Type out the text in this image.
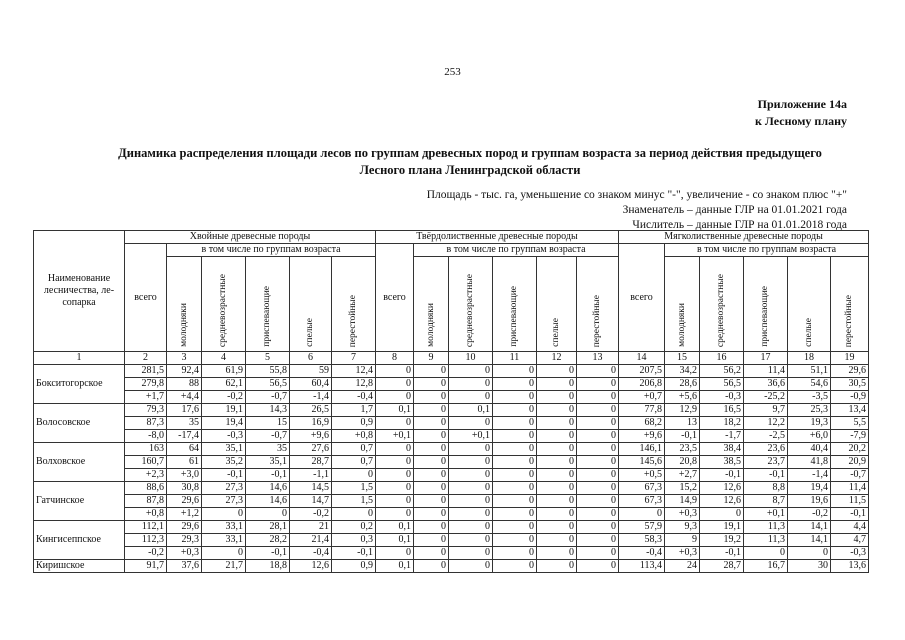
253
Приложение 14а
к Лесному плану
Динамика распределения площади лесов по группам древесных пород и группам возраста за период действия предыдущего
Лесного плана Ленинградской области
Площадь - тыс. га, уменьшение со знаком минус "-", увеличение - со знаком плюс "+"
Знаменатель – данные ГЛР на 01.01.2021 года
Числитель – данные ГЛР на 01.01.2018 года
Наименование лесничества, ле-сопарка	Хвойные древесные породы						Твёрдолиственные древесные породы						Мягколиственные древесные породы					
	всего	в том числе по группам возраста					всего	в том числе по группам возраста					всего	в том числе по группам возраста				
		молодняки	средневозрастные	приспевающие	спелые	перестойные		молодняки	средневозрастные	приспевающие	спелые	перестойные		молодняки	средневозрастные	приспевающие	спелые	перестойные
1	2	3	4	5	6	7	8	9	10	11	12	13	14	15	16	17	18	19
Бокситогорское	281,5	92,4	61,9	55,8	59	12,4	0	0	0	0	0	0	207,5	34,2	56,2	11,4	51,1	29,6
	279,8	88	62,1	56,5	60,4	12,8	0	0	0	0	0	0	206,8	28,6	56,5	36,6	54,6	30,5
	+1,7	+4,4	-0,2	-0,7	-1,4	-0,4	0	0	0	0	0	0	+0,7	+5,6	-0,3	-25,2	-3,5	-0,9
Волосовское	79,3	17,6	19,1	14,3	26,5	1,7	0,1	0	0,1	0	0	0	77,8	12,9	16,5	9,7	25,3	13,4
	87,3	35	19,4	15	16,9	0,9	0	0	0	0	0	0	68,2	13	18,2	12,2	19,3	5,5
	-8,0	-17,4	-0,3	-0,7	+9,6	+0,8	+0,1	0	+0,1	0	0	0	+9,6	-0,1	-1,7	-2,5	+6,0	-7,9
Волховское	163	64	35,1	35	27,6	0,7	0	0	0	0	0	0	146,1	23,5	38,4	23,6	40,4	20,2
	160,7	61	35,2	35,1	28,7	0,7	0	0	0	0	0	0	145,6	20,8	38,5	23,7	41,8	20,9
	+2,3	+3,0	-0,1	-0,1	-1,1	0	0	0	0	0	0	0	+0,5	+2,7	-0,1	-0,1	-1,4	-0,7
Гатчинское	88,6	30,8	27,3	14,6	14,5	1,5	0	0	0	0	0	0	67,3	15,2	12,6	8,8	19,4	11,4
	87,8	29,6	27,3	14,6	14,7	1,5	0	0	0	0	0	0	67,3	14,9	12,6	8,7	19,6	11,5
	+0,8	+1,2	0	0	-0,2	0	0	0	0	0	0	0	0	+0,3	0	+0,1	-0,2	-0,1
Кингисеппское	112,1	29,6	33,1	28,1	21	0,2	0,1	0	0	0	0	0	57,9	9,3	19,1	11,3	14,1	4,4
	112,3	29,3	33,1	28,2	21,4	0,3	0,1	0	0	0	0	0	58,3	9	19,2	11,3	14,1	4,7
	-0,2	+0,3	0	-0,1	-0,4	-0,1	0	0	0	0	0	0	-0,4	+0,3	-0,1	0	0	-0,3
Киришское	91,7	37,6	21,7	18,8	12,6	0,9	0,1	0	0	0	0	0	113,4	24	28,7	16,7	30	13,6
